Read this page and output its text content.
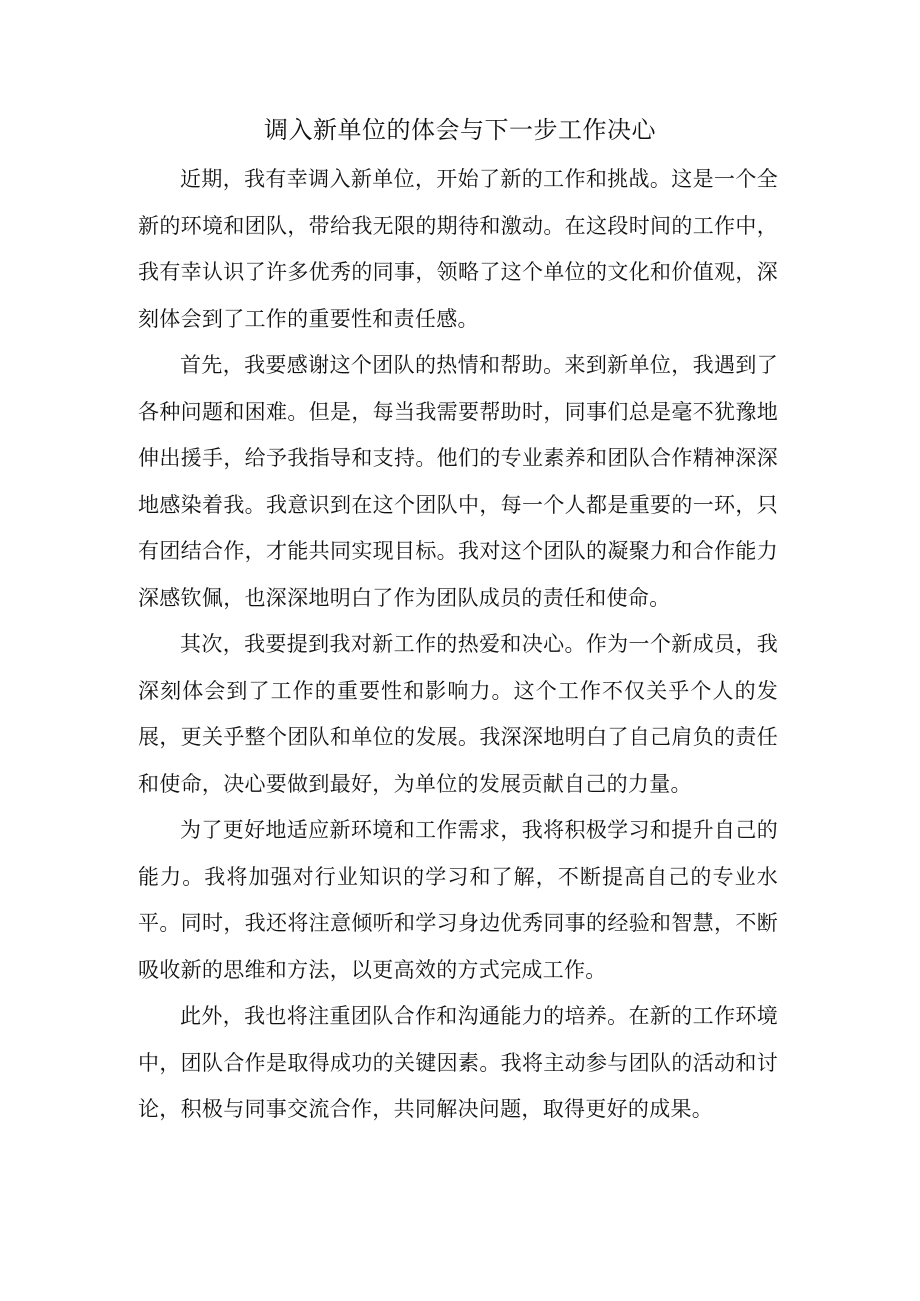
调入新单位的体会与下一步工作决心

近期，我有幸调入新单位，开始了新的工作和挑战。这是一个全新的环境和团队，带给我无限的期待和激动。在这段时间的工作中，我有幸认识了许多优秀的同事，领略了这个单位的文化和价值观，深刻体会到了工作的重要性和责任感。

首先，我要感谢这个团队的热情和帮助。来到新单位，我遇到了各种问题和困难。但是，每当我需要帮助时，同事们总是毫不犹豫地伸出援手，给予我指导和支持。他们的专业素养和团队合作精神深深地感染着我。我意识到在这个团队中，每一个人都是重要的一环，只有团结合作，才能共同实现目标。我对这个团队的凝聚力和合作能力深感钦佩，也深深地明白了作为团队成员的责任和使命。

其次，我要提到我对新工作的热爱和决心。作为一个新成员，我深刻体会到了工作的重要性和影响力。这个工作不仅关乎个人的发展，更关乎整个团队和单位的发展。我深深地明白了自己肩负的责任和使命，决心要做到最好，为单位的发展贡献自己的力量。

为了更好地适应新环境和工作需求，我将积极学习和提升自己的能力。我将加强对行业知识的学习和了解，不断提高自己的专业水平。同时，我还将注意倾听和学习身边优秀同事的经验和智慧，不断吸收新的思维和方法，以更高效的方式完成工作。

此外，我也将注重团队合作和沟通能力的培养。在新的工作环境中，团队合作是取得成功的关键因素。我将主动参与团队的活动和讨论，积极与同事交流合作，共同解决问题，取得更好的成果。
